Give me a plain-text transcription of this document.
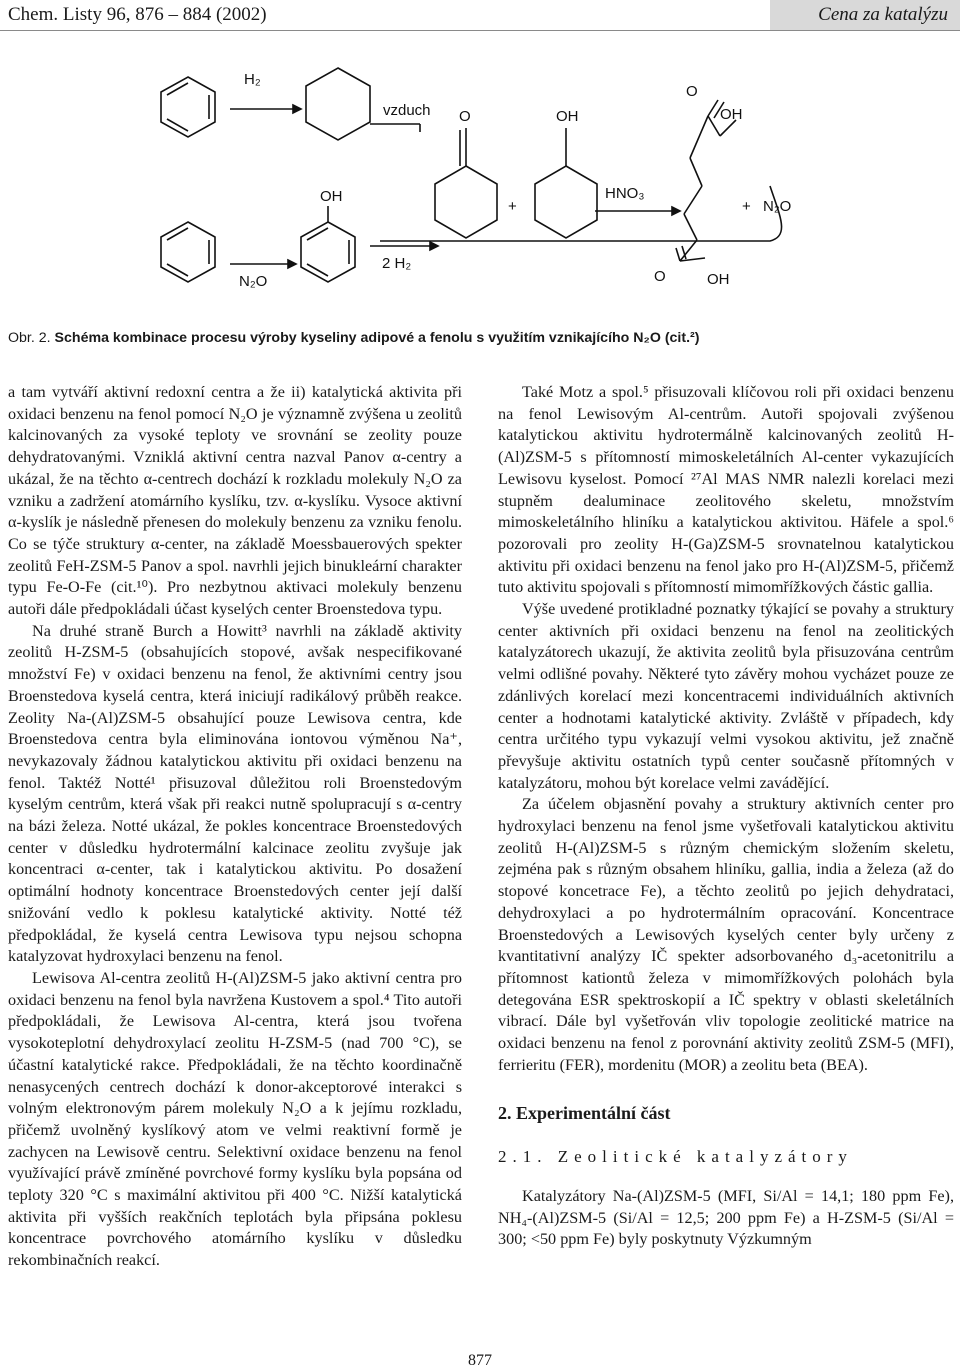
Chem. Listy 96, 876 – 884 (2002)	Cena za katalýzu
H₂
vzduch O	OH
+
HNO₃
O
OH
+ N₂O
OH
N₂O
2 H₂
O	OH
Obr. 2. Schéma kombinace procesu výroby kyseliny adipové a fenolu s využitím vznikajícího N₂O (cit.²)

a tam vytváří aktivní redoxní centra a že ii) katalytická aktivita při oxidaci benzenu na fenol pomocí N₂O je významně zvýšena u zeolitů kalcinovaných za vysoké teploty ve srovnání se zeolity pouze dehydratovanými. Vzniklá aktivní centra nazval Panov α-centry a ukázal, že na těchto α-centrech dochází k rozkladu molekuly N₂O za vzniku a zadržení atomárního kyslíku, tzv. α-kyslíku. Vysoce aktivní α-kyslík je následně přenesen do molekuly benzenu za vzniku fenolu. Co se týče struktury α-center, na základě Moessbauerových spekter zeolitů FeH-ZSM-5 Panov a spol. navrhli jejich binukleární charakter typu Fe-O-Fe (cit.¹⁰). Pro nezbytnou aktivaci molekuly benzenu autoři dále předpokládali účast kyselých center Broenstedova typu.

Na druhé straně Burch a Howitt³ navrhli na základě aktivity zeolitů H-ZSM-5 (obsahujících stopové, avšak nespecifikované množství Fe) v oxidaci benzenu na fenol, že aktivními centry jsou Broenstedova kyselá centra, která iniciují radikálový průběh reakce. Zeolity Na-(Al)ZSM-5 obsahující pouze Lewisova centra, kde Broenstedova centra byla eliminována iontovou výměnou Na⁺, nevykazovaly žádnou katalytickou aktivitu při oxidaci benzenu na fenol. Taktéž Notté¹ přisuzoval důležitou roli Broenstedovým kyselým centrům, která však při reakci nutně spolupracují s α-centry na bázi železa. Notté ukázal, že pokles koncentrace Broenstedových center v důsledku hydrotermální kalcinace zeolitu zvyšuje jak koncentraci α-center, tak i katalytickou aktivitu. Po dosažení optimální hodnoty koncentrace Broenstedových center její další snižování vedlo k poklesu katalytické aktivity. Notté též předpokládal, že kyselá centra Lewisova typu nejsou schopna katalyzovat hydroxylaci benzenu na fenol.

Lewisova Al-centra zeolitů H-(Al)ZSM-5 jako aktivní centra pro oxidaci benzenu na fenol byla navržena Kustovem a spol.⁴ Tito autoři předpokládali, že Lewisova Al-centra, která jsou tvořena vysokoteplotní dehydroxylací zeolitu H-ZSM-5 (nad 700 °C), se účastní katalytické rakce. Předpokládali, že na těchto koordinačně nenasycených centrech dochází k donor-akceptorové interakci s volným elektronovým párem molekuly N₂O a k jejímu rozkladu, přičemž uvolněný kyslíkový atom ve velmi reaktivní formě je zachycen na Lewisově centru. Selektivní oxidace benzenu na fenol využívající právě zmíněné povrchové formy kyslíku byla popsána od teploty 320 °C s maximální aktivitou při 400 °C. Nižší katalytická aktivita při vyšších reakčních teplotách byla připsána poklesu koncentrace povrchového atomárního kyslíku v důsledku rekombinačních reakcí.

Také Motz a spol.⁵ přisuzovali klíčovou roli při oxidaci benzenu na fenol Lewisovým Al-centrům. Autoři spojovali zvýšenou katalytickou aktivitu hydrotermálně kalcinovaných zeolitů H-(Al)ZSM-5 s přítomností mimoskeletálních Al-center vykazujících Lewisovu kyselost. Pomocí ²⁷Al MAS NMR nalezli korelaci mezi stupněm dealuminace zeolitového skeletu, množstvím mimoskeletálního hliníku a katalytickou aktivitou. Häfele a spol.⁶ pozorovali pro zeolity H-(Ga)ZSM-5 srovnatelnou katalytickou aktivitu při oxidaci benzenu na fenol jako pro H-(Al)ZSM-5, přičemž tuto aktivitu spojovali s přítomností mimomřížkových částic gallia.

Výše uvedené protikladné poznatky týkající se povahy a struktury center aktivních při oxidaci benzenu na fenol na zeolitických katalyzátorech ukazují, že aktivita zeolitů byla přisuzována centrům velmi odlišné povahy. Některé tyto závěry mohou vycházet pouze ze zdánlivých korelací mezi koncentracemi individuálních aktivních center a hodnotami katalytické aktivity. Zvláště v případech, kdy centra určitého typu vykazují velmi vysokou aktivitu, jež značně převyšuje aktivitu ostatních typů center současně přítomných v katalyzátoru, mohou být korelace velmi zavádějící.

Za účelem objasnění povahy a struktury aktivních center pro hydroxylaci benzenu na fenol jsme vyšetřovali katalytickou aktivitu zeolitů H-(Al)ZSM-5 s různým chemickým složením skeletu, zejména pak s různým obsahem hliníku, gallia, india a železa (až do stopové koncetrace Fe), a těchto zeolitů po jejich dehydrataci, dehydroxylaci a po hydrotermálním opracování. Koncentrace Broenstedových a Lewisových kyselých center byly určeny z kvantitativní analýzy IČ spekter adsorbovaného d₃-acetonitrilu a přítomnost kationtů železa v mimomřížkových polohách byla detegována ESR spektroskopií a IČ spektry v oblasti skeletálních vibrací. Dále byl vyšetřován vliv topologie zeolitické matrice na oxidaci benzenu na fenol z porovnání aktivity zeolitů ZSM-5 (MFI), ferrieritu (FER), mordenitu (MOR) a zeolitu beta (BEA).

2. Experimentální část
2.1. Zeolitické katalyzátory

Katalyzátory Na-(Al)ZSM-5 (MFI, Si/Al = 14,1; 180 ppm Fe), NH₄-(Al)ZSM-5 (Si/Al = 12,5; 200 ppm Fe) a H-ZSM-5 (Si/Al = 300; <50 ppm Fe) byly poskytnuty Výzkumným

877
